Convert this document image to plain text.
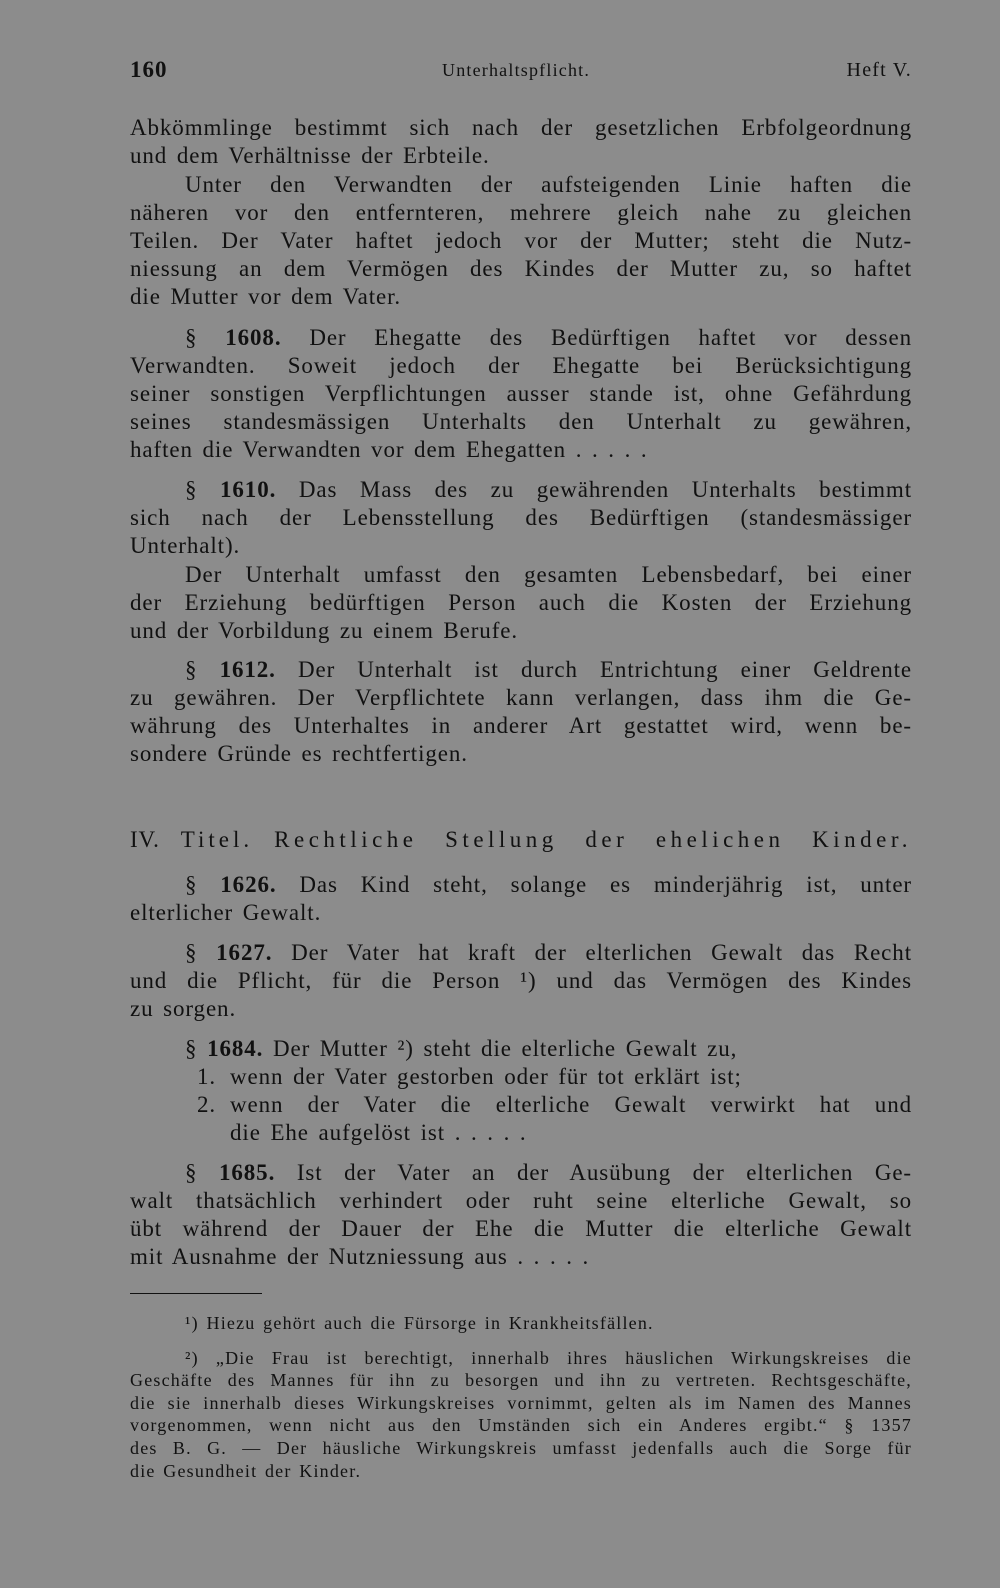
160	Unterhaltspflicht.	Heft V.
Abkömmlinge bestimmt sich nach der gesetzlichen Erbfolgeordnung
und dem Verhältnisse der Erbteile.
Unter den Verwandten der aufsteigenden Linie haften die
näheren vor den entfernteren, mehrere gleich nahe zu gleichen
Teilen. Der Vater haftet jedoch vor der Mutter; steht die Nutz-
niessung an dem Vermögen des Kindes der Mutter zu, so haftet
die Mutter vor dem Vater.
§ 1608. Der Ehegatte des Bedürftigen haftet vor dessen
Verwandten. Soweit jedoch der Ehegatte bei Berücksichtigung
seiner sonstigen Verpflichtungen ausser stande ist, ohne Gefährdung
seines standesmässigen Unterhalts den Unterhalt zu gewähren,
haften die Verwandten vor dem Ehegatten . . . . .
§ 1610. Das Mass des zu gewährenden Unterhalts bestimmt
sich nach der Lebensstellung des Bedürftigen (standesmässiger
Unterhalt).
Der Unterhalt umfasst den gesamten Lebensbedarf, bei einer
der Erziehung bedürftigen Person auch die Kosten der Erziehung
und der Vorbildung zu einem Berufe.
§ 1612. Der Unterhalt ist durch Entrichtung einer Geldrente
zu gewähren. Der Verpflichtete kann verlangen, dass ihm die Ge-
währung des Unterhaltes in anderer Art gestattet wird, wenn be-
sondere Gründe es rechtfertigen.
IV. Titel. Rechtliche Stellung der ehelichen Kinder.
§ 1626. Das Kind steht, solange es minderjährig ist, unter
elterlicher Gewalt.
§ 1627. Der Vater hat kraft der elterlichen Gewalt das Recht
und die Pflicht, für die Person ¹) und das Vermögen des Kindes
zu sorgen.
§ 1684. Der Mutter ²) steht die elterliche Gewalt zu,
1. wenn der Vater gestorben oder für tot erklärt ist;
2. wenn der Vater die elterliche Gewalt verwirkt hat und
die Ehe aufgelöst ist . . . . .
§ 1685. Ist der Vater an der Ausübung der elterlichen Ge-
walt thatsächlich verhindert oder ruht seine elterliche Gewalt, so
übt während der Dauer der Ehe die Mutter die elterliche Gewalt
mit Ausnahme der Nutzniessung aus . . . . .
¹) Hiezu gehört auch die Fürsorge in Krankheitsfällen.
²) „Die Frau ist berechtigt, innerhalb ihres häuslichen Wirkungskreises die
Geschäfte des Mannes für ihn zu besorgen und ihn zu vertreten. Rechtsgeschäfte,
die sie innerhalb dieses Wirkungskreises vornimmt, gelten als im Namen des Mannes
vorgenommen, wenn nicht aus den Umständen sich ein Anderes ergibt.“ § 1357
des B. G. — Der häusliche Wirkungskreis umfasst jedenfalls auch die Sorge für
die Gesundheit der Kinder.
